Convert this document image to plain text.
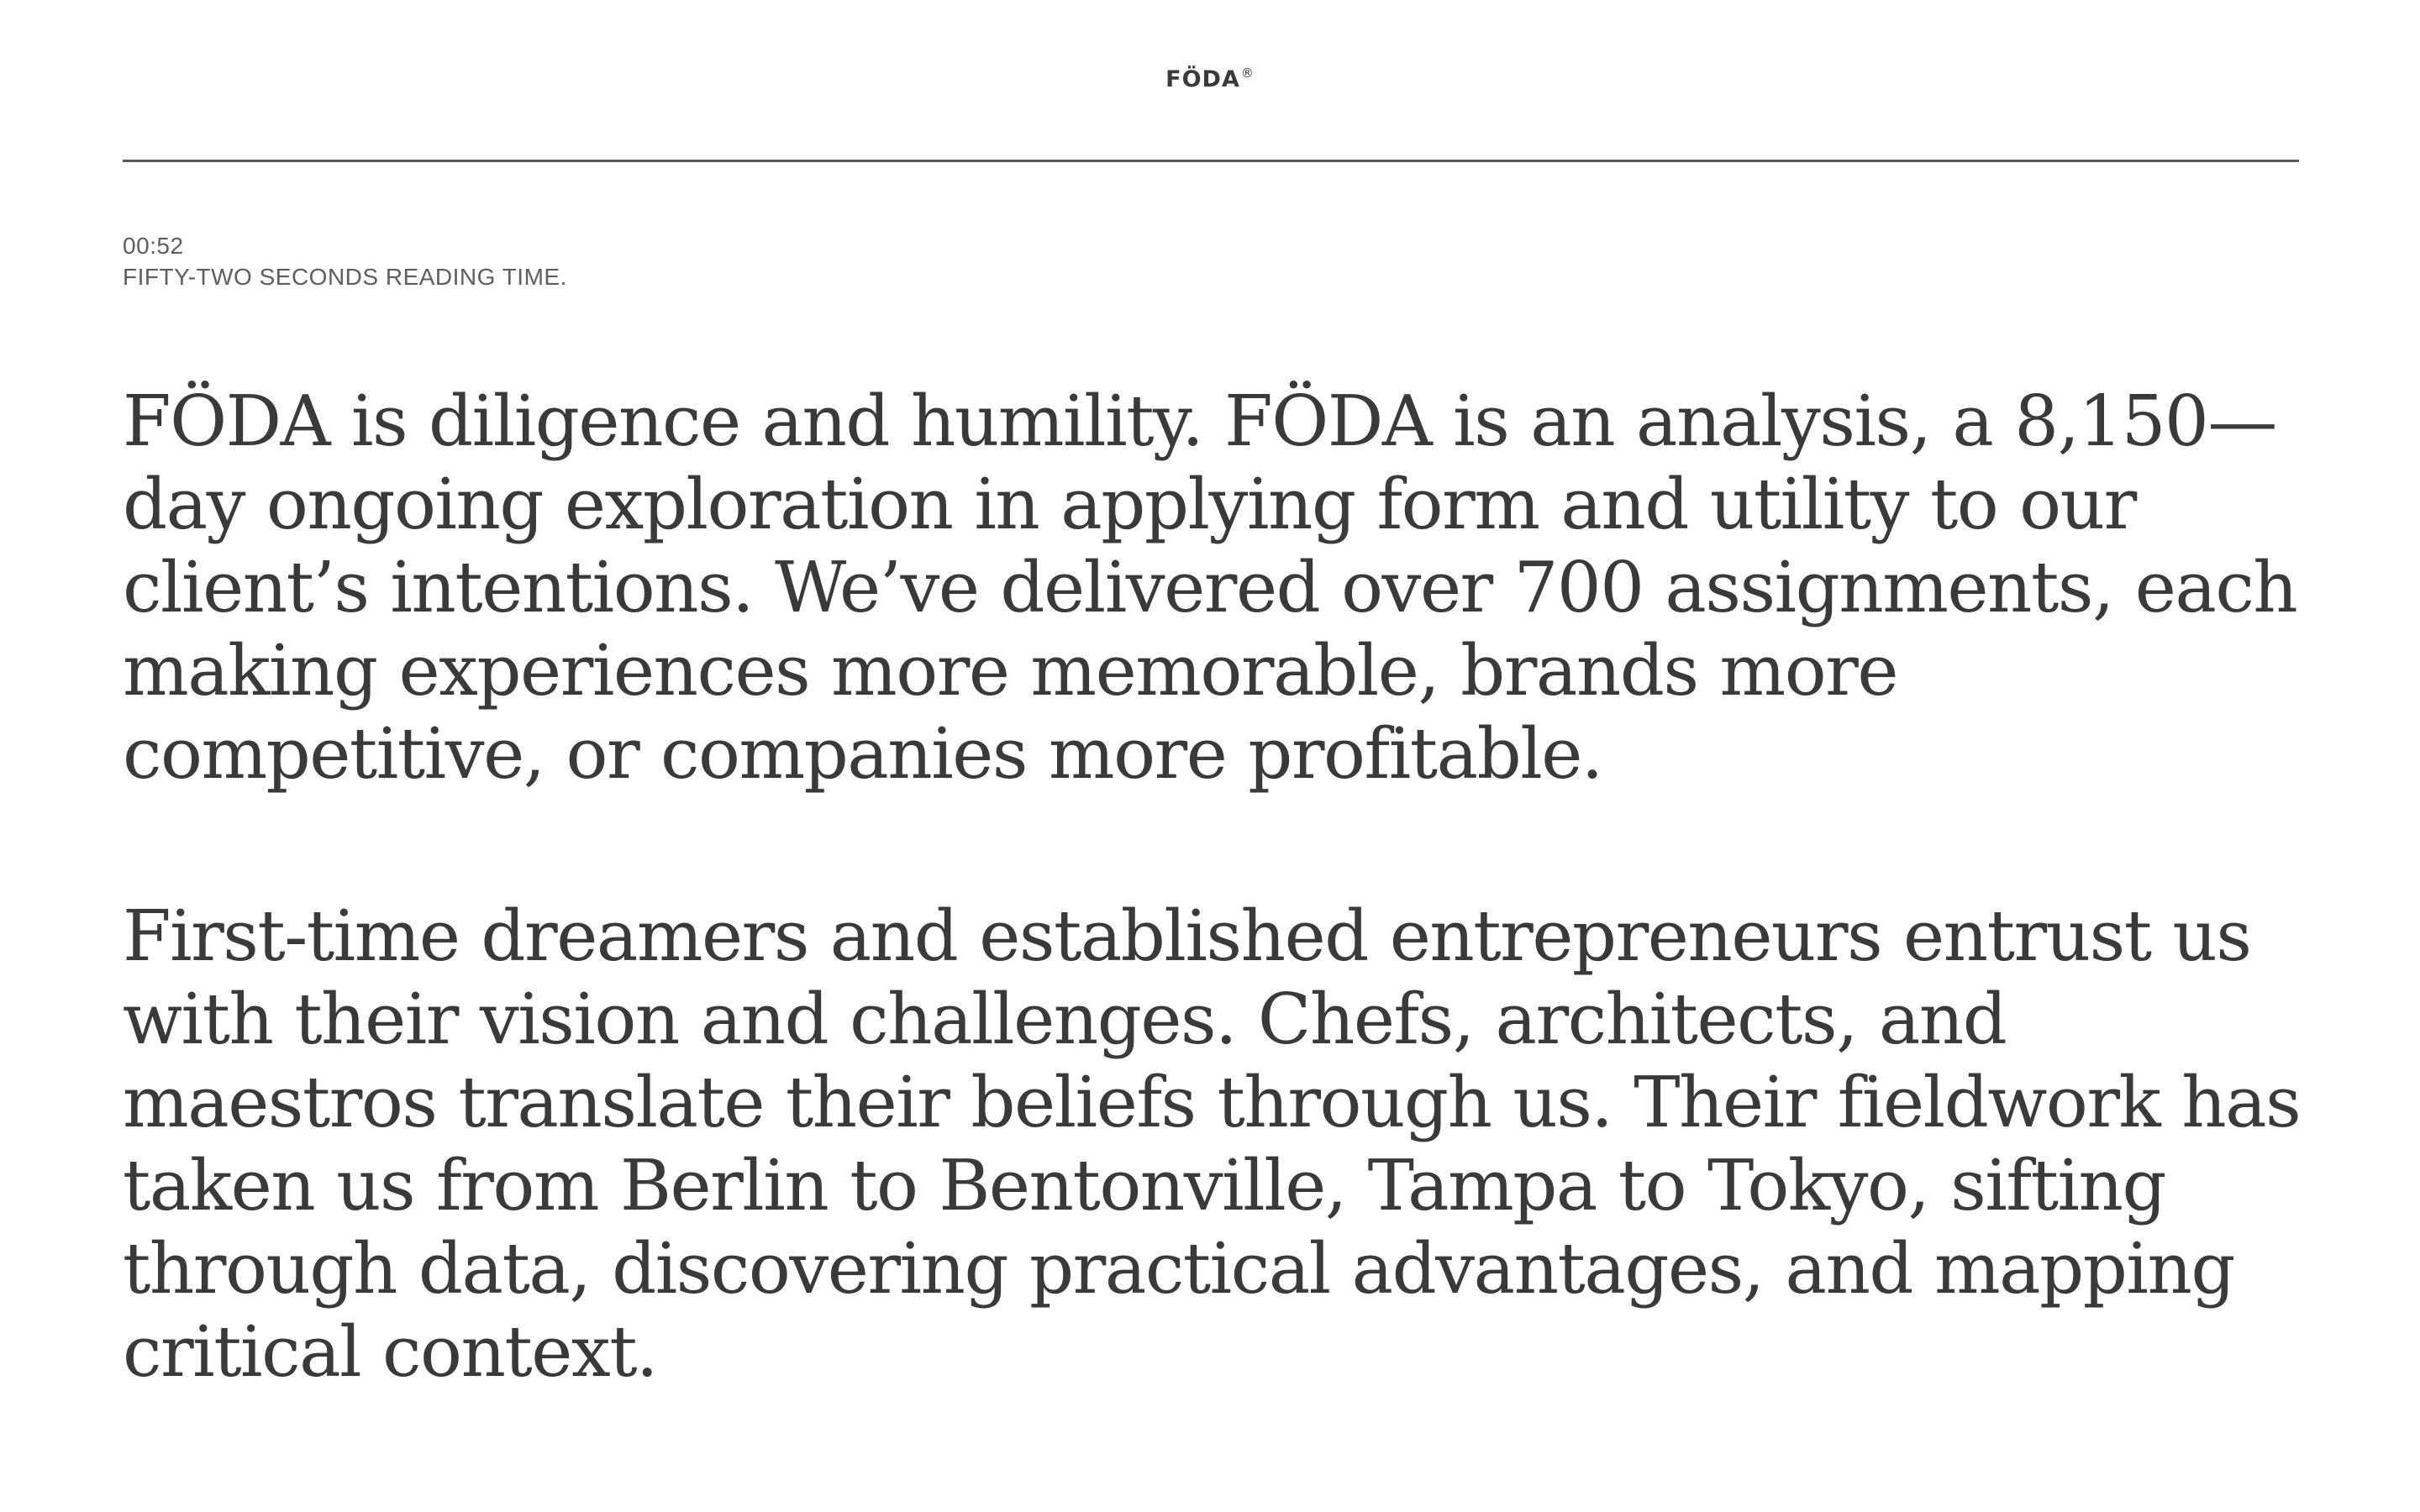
FÖDA®
00:52
FIFTY-TWO SECONDS READING TIME.

FÖDA is diligence and humility. FÖDA is an analysis, a 8,150—day ongoing exploration in applying form and utility to our client’s intentions. We’ve delivered over 700 assignments, each making experiences more memorable, brands more competitive, or companies more profitable.

First-time dreamers and established entrepreneurs entrust us with their vision and challenges. Chefs, architects, and maestros translate their beliefs through us. Their fieldwork has taken us from Berlin to Bentonville, Tampa to Tokyo, sifting through data, discovering practical advantages, and mapping critical context.
